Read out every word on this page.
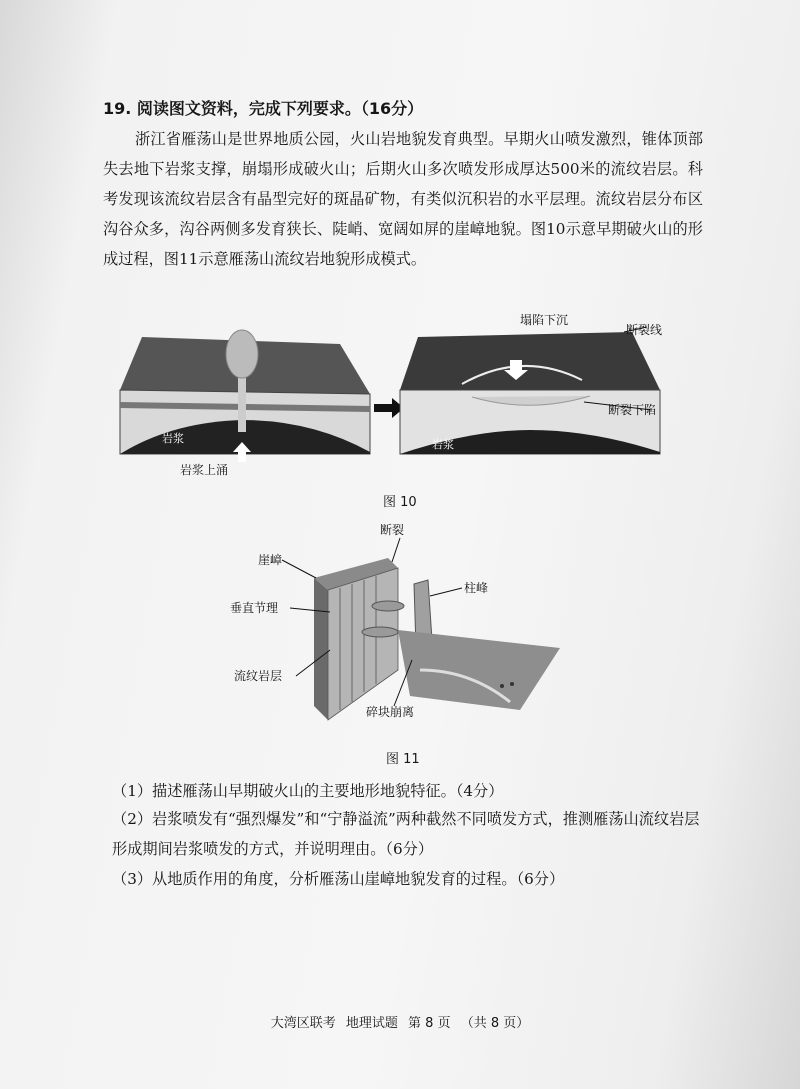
19. 阅读图文资料，完成下列要求。（16分）
浙江省雁荡山是世界地质公园，火山岩地貌发育典型。早期火山喷发激烈，锥体顶部失去地下岩浆支撑，崩塌形成破火山；后期火山多次喷发形成厚达500米的流纹岩层。科考发现该流纹岩层含有晶型完好的斑晶矿物，有类似沉积岩的水平层理。流纹岩层分布区沟谷众多，沟谷两侧多发育狭长、陡峭、宽阔如屏的崖嶂地貌。图10示意早期破火山的形成过程，图11示意雁荡山流纹岩地貌形成模式。
岩浆
岩浆上涌
岩浆
塌陷下沉
断裂线
断裂下陷
图 10
断裂
崖嶂
柱峰
垂直节理
流纹岩层
碎块崩离
图 11
（1）描述雁荡山早期破火山的主要地形地貌特征。（4分）
（2）岩浆喷发有“强烈爆发”和“宁静溢流”两种截然不同喷发方式，推测雁荡山流纹岩层形成期间岩浆喷发的方式，并说明理由。（6分）
（3）从地质作用的角度，分析雁荡山崖嶂地貌发育的过程。（6分）
大湾区联考 地理试题 第 8 页 （共 8 页）
